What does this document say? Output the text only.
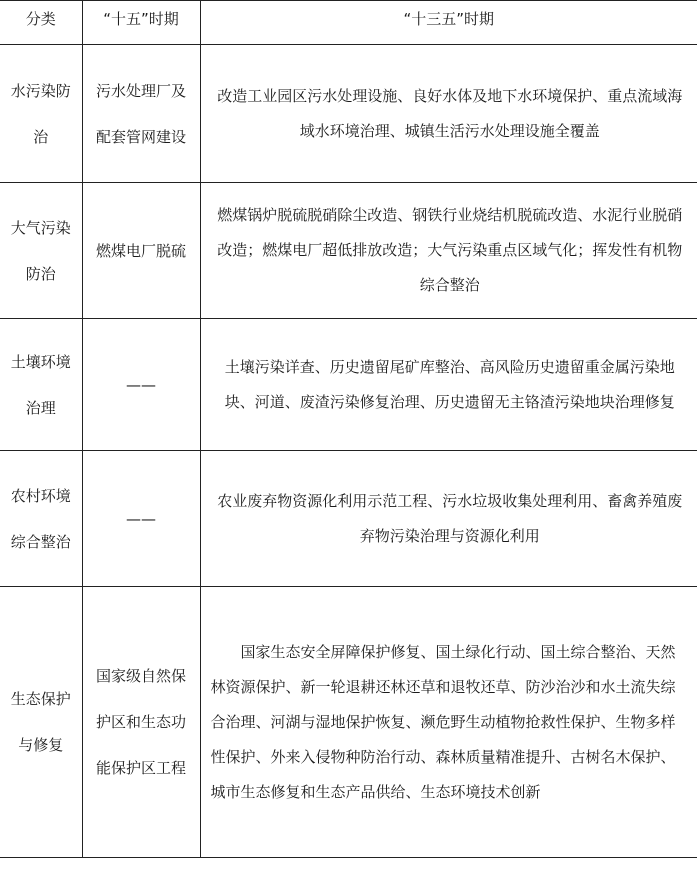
分类	“十五”时期	“十三五”时期

水污染防治	污水处理厂及配套管网建设	改造工业园区污水处理设施、良好水体及地下水环境保护、重点流域海域水环境治理、城镇生活污水处理设施全覆盖

大气污染防治	燃煤电厂脱硫	燃煤锅炉脱硫脱硝除尘改造、钢铁行业烧结机脱硫改造、水泥行业脱硝改造；燃煤电厂超低排放改造；大气污染重点区域气化；挥发性有机物综合整治

土壤环境治理	——	土壤污染详查、历史遗留尾矿库整治、高风险历史遗留重金属污染地块、河道、废渣污染修复治理、历史遗留无主铬渣污染地块治理修复

农村环境综合整治	——	农业废弃物资源化利用示范工程、污水垃圾收集处理利用、畜禽养殖废弃物污染治理与资源化利用

生态保护与修复	国家级自然保护区和生态功能保护区工程	国家生态安全屏障保护修复、国土绿化行动、国土综合整治、天然林资源保护、新一轮退耕还林还草和退牧还草、防沙治沙和水土流失综合治理、河湖与湿地保护恢复、濒危野生动植物抢救性保护、生物多样性保护、外来入侵物种防治行动、森林质量精准提升、古树名木保护、城市生态修复和生态产品供给、生态环境技术创新
